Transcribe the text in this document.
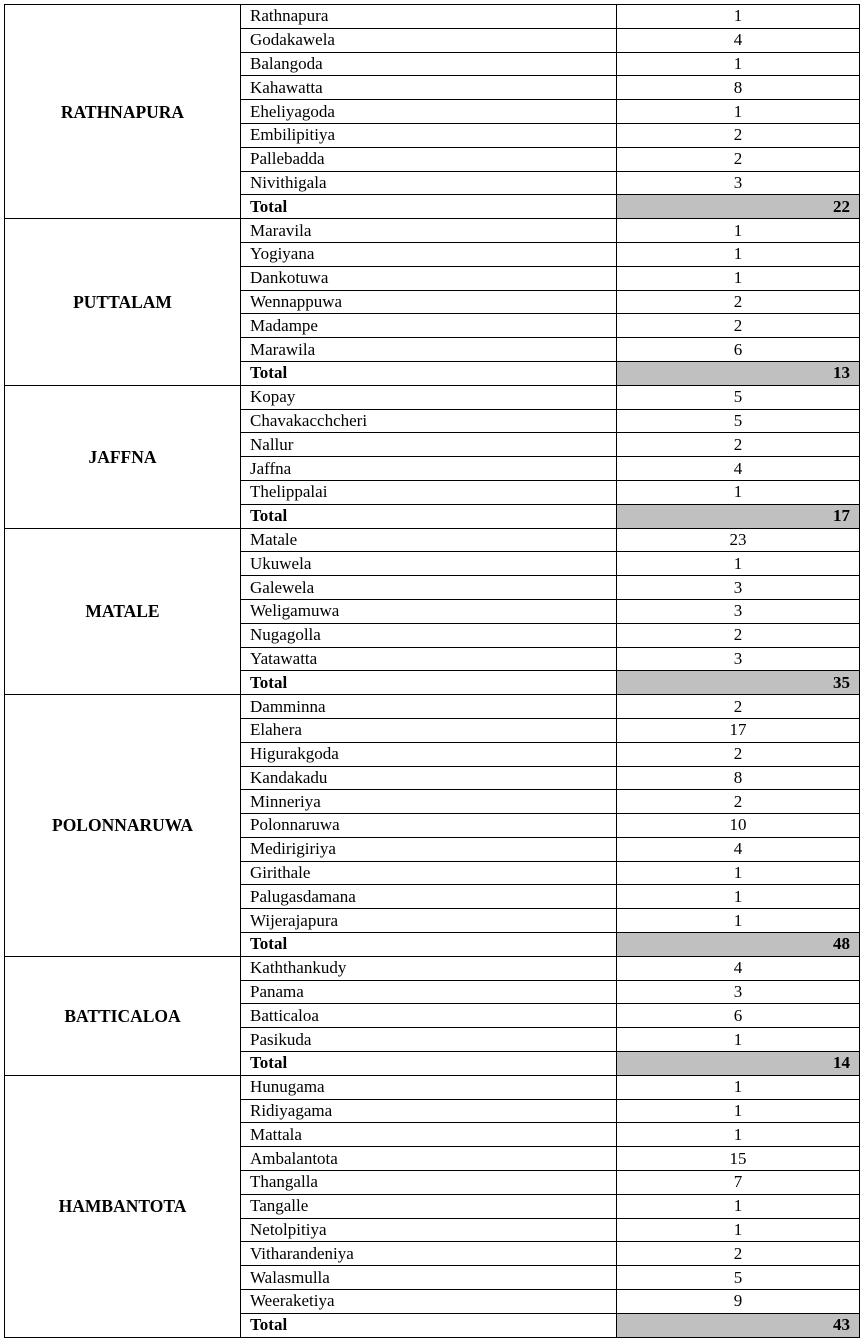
RATHNAPURA	Rathnapura	1
	Godakawela	4
	Balangoda	1
	Kahawatta	8
	Eheliyagoda	1
	Embilipitiya	2
	Pallebadda	2
	Nivithigala	3
	Total	22
PUTTALAM	Maravila	1
	Yogiyana	1
	Dankotuwa	1
	Wennappuwa	2
	Madampe	2
	Marawila	6
	Total	13
JAFFNA	Kopay	5
	Chavakacchcheri	5
	Nallur	2
	Jaffna	4
	Thelippalai	1
	Total	17
MATALE	Matale	23
	Ukuwela	1
	Galewela	3
	Weligamuwa	3
	Nugagolla	2
	Yatawatta	3
	Total	35
POLONNARUWA	Damminna	2
	Elahera	17
	Higurakgoda	2
	Kandakadu	8
	Minneriya	2
	Polonnaruwa	10
	Medirigiriya	4
	Girithale	1
	Palugasdamana	1
	Wijerajapura	1
	Total	48
BATTICALOA	Kaththankudy	4
	Panama	3
	Batticaloa	6
	Pasikuda	1
	Total	14
HAMBANTOTA	Hunugama	1
	Ridiyagama	1
	Mattala	1
	Ambalantota	15
	Thangalla	7
	Tangalle	1
	Netolpitiya	1
	Vitharandeniya	2
	Walasmulla	5
	Weeraketiya	9
	Total	43
